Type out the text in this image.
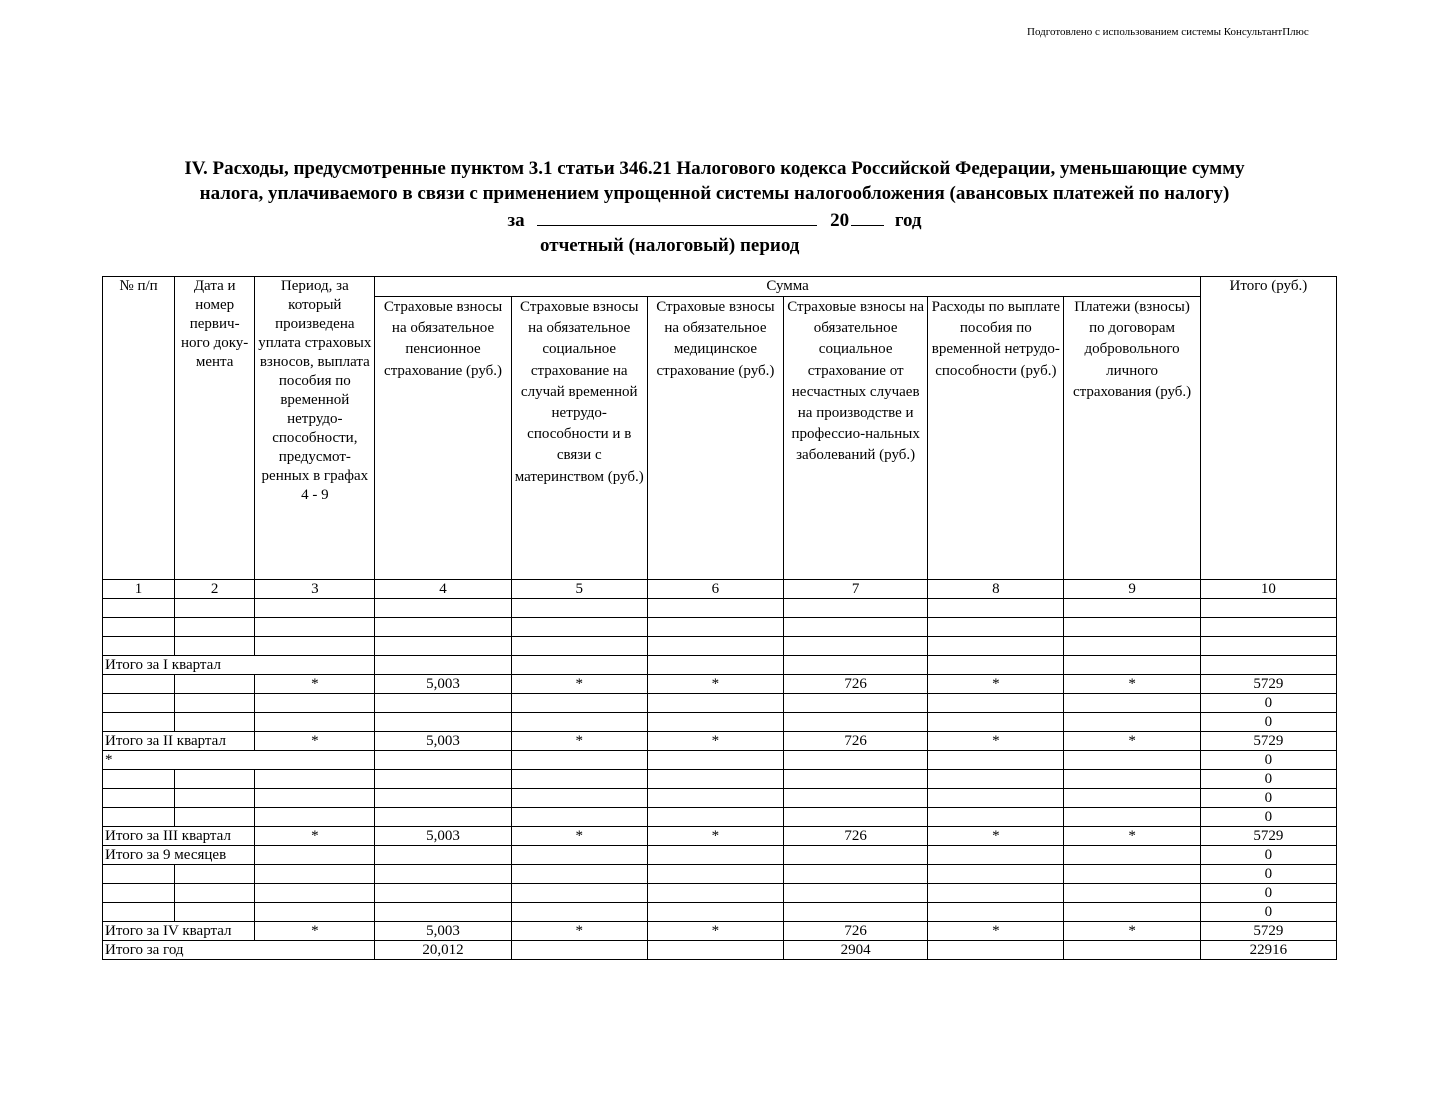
Подготовлено с использованием системы КонсультантПлюс
IV. Расходы, предусмотренные пунктом 3.1 статьи 346.21 Налогового кодекса Российской Федерации, уменьшающие сумму
налога, уплачиваемого в связи с применением упрощенной системы налогообложения (авансовых платежей по налогу)
за	20 год
отчетный (налоговый) период
№ п/п	Дата и номер первич-ного доку-мента	Период, за который произведена уплата страховых взносов, выплата пособия по временной нетрудо-способности, предусмот-ренных в графах 4 - 9	Сумма						Итого (руб.)
			Страховые взносы на обязательное пенсионное страхование (руб.)	Страховые взносы на обязательное социальное страхование на случай временной нетрудо-способности и в связи с материнством (руб.)	Страховые взносы на обязательное медицинское страхование (руб.)	Страховые взносы на обязательное социальное страхование от несчастных случаев на производстве и профессио-нальных заболеваний (руб.)	Расходы по выплате пособия по временной нетрудо-способности (руб.)	Платежи (взносы) по договорам добровольного личного страхования (руб.)	
1	2	3	4	5	6	7	8	9	10

Итого за I квартал									
		*	5,003	*	*	726	*	*	5729
									0
									0
Итого за II квартал		*	5,003	*	*	726	*	*	5729
*									0
									0
									0
									0
Итого за III квартал		*	5,003	*	*	726	*	*	5729
Итого за 9 месяцев									0
									0
									0
									0
Итого за IV квартал		*	5,003	*	*	726	*	*	5729
Итого за год			20,012			2904			22916
